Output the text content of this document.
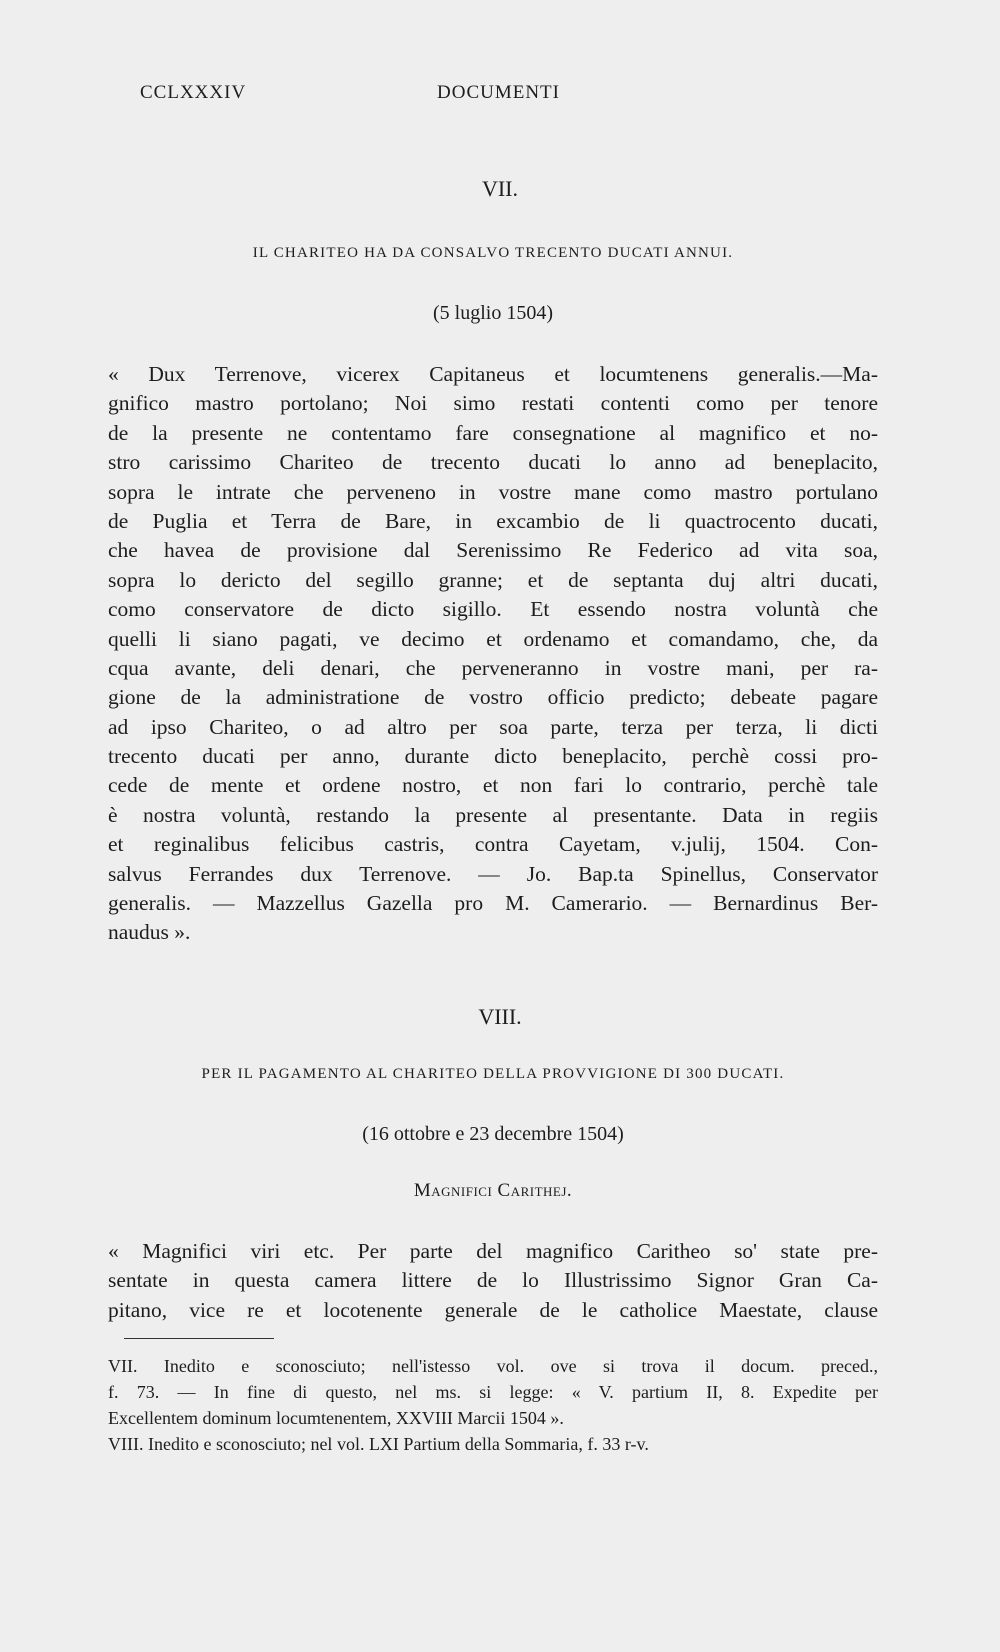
CCLXXXIV	DOCUMENTI
VII.
IL CHARITEO HA DA CONSALVO TRECENTO DUCATI ANNUI.
(5 luglio 1504)
« Dux Terrenove, vicerex Capitaneus et locumtenens generalis.—Ma-
gnifico mastro portolano; Noi simo restati contenti como per tenore
de la presente ne contentamo fare consegnatione al magnifico et no-
stro carissimo Chariteo de trecento ducati lo anno ad beneplacito,
sopra le intrate che perveneno in vostre mane como mastro portulano
de Puglia et Terra de Bare, in excambio de li quactrocento ducati,
che havea de provisione dal Serenissimo Re Federico ad vita soa,
sopra lo dericto del segillo granne; et de septanta duj altri ducati,
como conservatore de dicto sigillo. Et essendo nostra voluntà che
quelli li siano pagati, ve decimo et ordenamo et comandamo, che, da
cqua avante, deli denari, che perveneranno in vostre mani, per ra-
gione de la administratione de vostro officio predicto; debeate pagare
ad ipso Chariteo, o ad altro per soa parte, terza per terza, li dicti
trecento ducati per anno, durante dicto beneplacito, perchè cossi pro-
cede de mente et ordene nostro, et non fari lo contrario, perchè tale
è nostra voluntà, restando la presente al presentante. Data in regiis
et reginalibus felicibus castris, contra Cayetam, v.julij, 1504. Con-
salvus Ferrandes dux Terrenove. — Jo. Bap.ta Spinellus, Conservator
generalis. — Mazzellus Gazella pro M. Camerario. — Bernardinus Ber-
naudus ».
VIII.
PER IL PAGAMENTO AL CHARITEO DELLA PROVVIGIONE DI 300 DUCATI.
(16 ottobre e 23 decembre 1504)
Magnifici Carithej.
« Magnifici viri etc. Per parte del magnifico Caritheo so' state pre-
sentate in questa camera littere de lo Illustrissimo Signor Gran Ca-
pitano, vice re et locotenente generale de le catholice Maestate, clause
VII. Inedito e sconosciuto; nell'istesso vol. ove si trova il docum. preced.,
f. 73. — In fine di questo, nel ms. si legge: « V. partium II, 8. Expedite per
Excellentem dominum locumtenentem, XXVIII Marcii 1504 ».
VIII. Inedito e sconosciuto; nel vol. LXI Partium della Sommaria, f. 33 r-v.
